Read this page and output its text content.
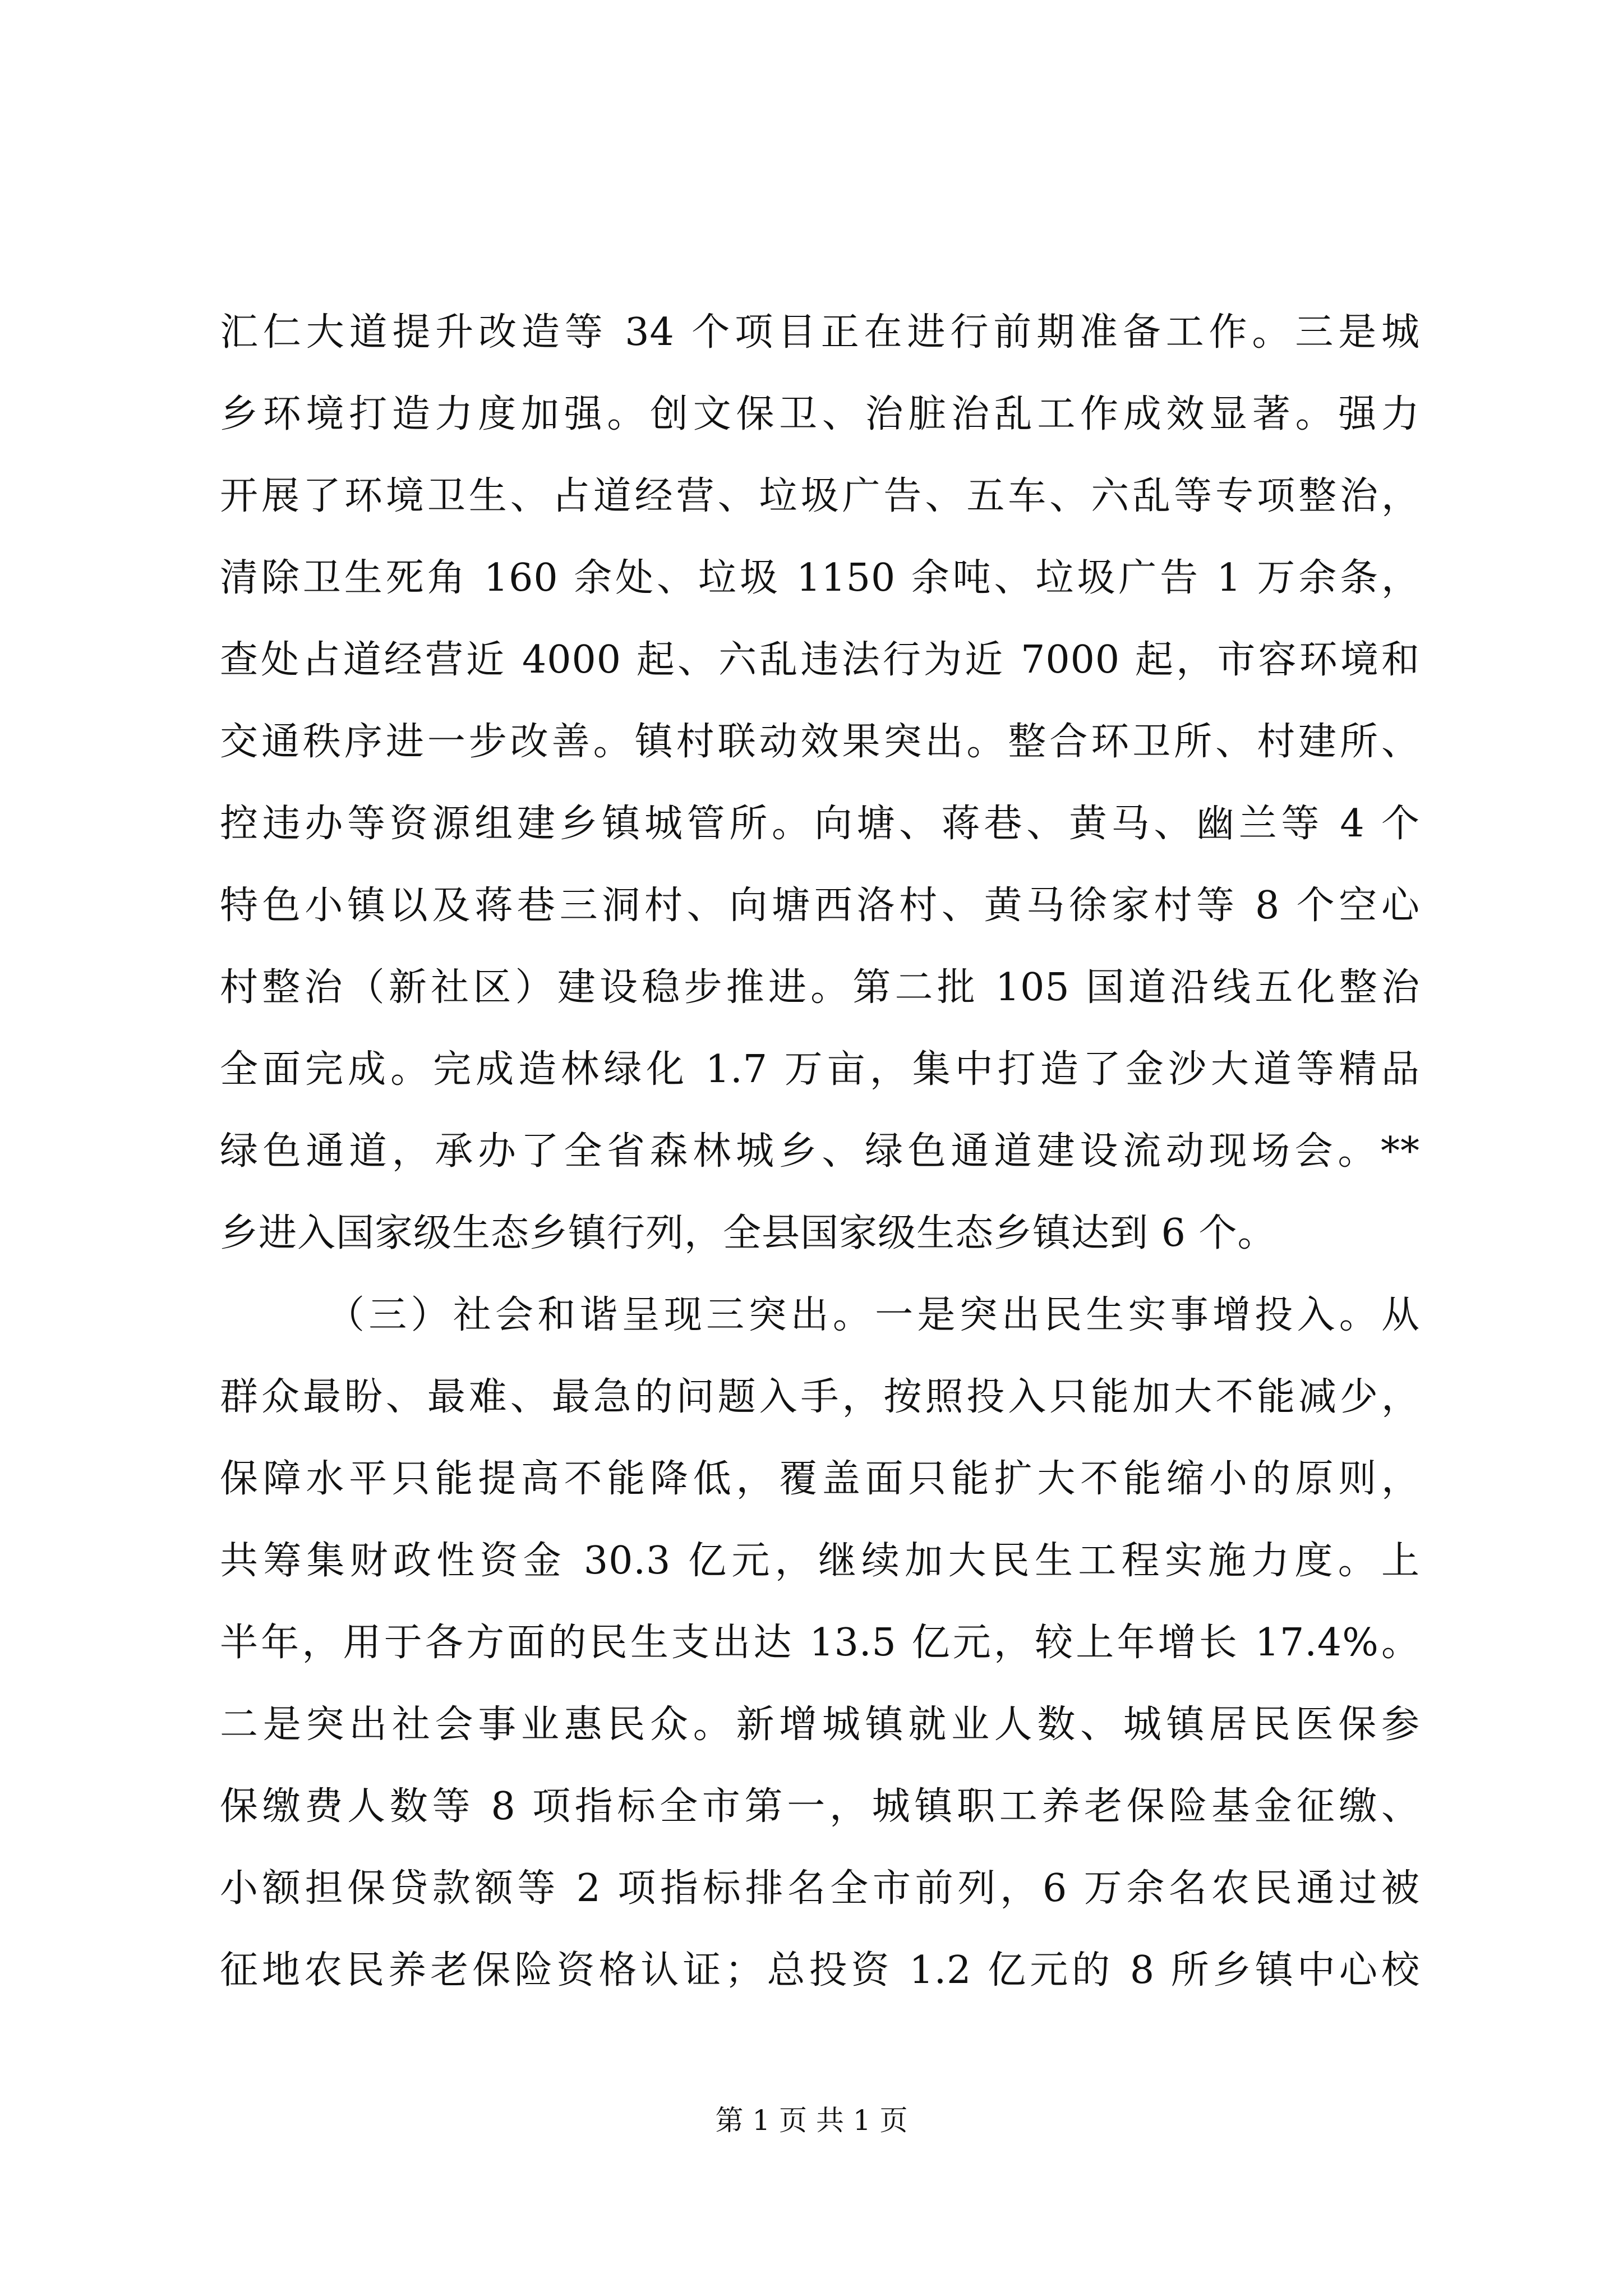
汇仁大道提升改造等 34 个项目正在进行前期准备工作。三是城
乡环境打造力度加强。创文保卫、治脏治乱工作成效显著。强力
开展了环境卫生、占道经营、垃圾广告、五车、六乱等专项整治，
清除卫生死角 160 余处、垃圾 1150 余吨、垃圾广告 1 万余条，
查处占道经营近 4000 起、六乱违法行为近 7000 起，市容环境和
交通秩序进一步改善。镇村联动效果突出。整合环卫所、村建所、
控违办等资源组建乡镇城管所。向塘、蒋巷、黄马、幽兰等 4 个
特色小镇以及蒋巷三洞村、向塘西洛村、黄马徐家村等 8 个空心
村整治（新社区）建设稳步推进。第二批 105 国道沿线五化整治
全面完成。完成造林绿化 1.7 万亩，集中打造了金沙大道等精品
绿色通道，承办了全省森林城乡、绿色通道建设流动现场会。**
乡进入国家级生态乡镇行列，全县国家级生态乡镇达到 6 个。
（三）社会和谐呈现三突出。一是突出民生实事增投入。从
群众最盼、最难、最急的问题入手，按照投入只能加大不能减少，
保障水平只能提高不能降低，覆盖面只能扩大不能缩小的原则，
共筹集财政性资金 30.3 亿元，继续加大民生工程实施力度。上
半年，用于各方面的民生支出达 13.5 亿元，较上年增长 17.4%。
二是突出社会事业惠民众。新增城镇就业人数、城镇居民医保参
保缴费人数等 8 项指标全市第一，城镇职工养老保险基金征缴、
小额担保贷款额等 2 项指标排名全市前列，6 万余名农民通过被
征地农民养老保险资格认证；总投资 1.2 亿元的 8 所乡镇中心校
第 1 页 共 1 页
